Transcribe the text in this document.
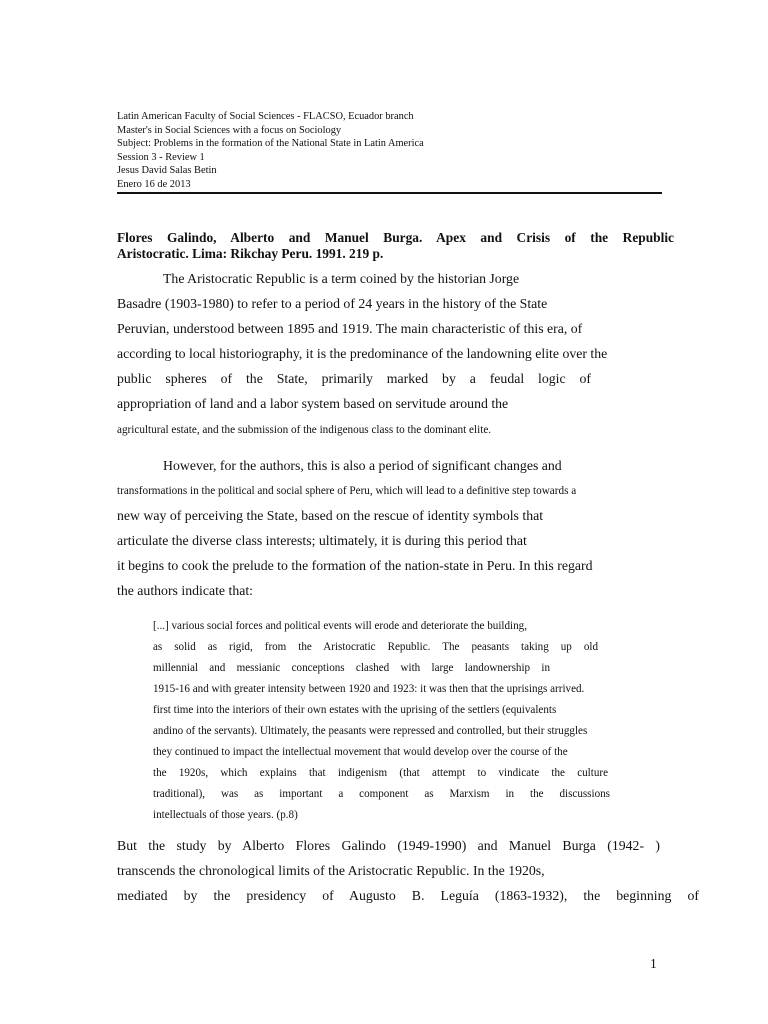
Latin American Faculty of Social Sciences - FLACSO, Ecuador branch
Master's in Social Sciences with a focus on Sociology
Subject: Problems in the formation of the National State in Latin America
Session 3 - Review 1
Jesus David Salas Betin
Enero 16 de 2013
Flores Galindo, Alberto and Manuel Burga. Apex and Crisis of the Republic
Aristocratic. Lima: Rikchay Peru. 1991. 219 p.
The Aristocratic Republic is a term coined by the historian Jorge
Basadre (1903-1980) to refer to a period of 24 years in the history of the State
Peruvian, understood between 1895 and 1919. The main characteristic of this era, of
according to local historiography, it is the predominance of the landowning elite over the
public spheres of the State, primarily marked by a feudal logic of
appropriation of land and a labor system based on servitude around the
agricultural estate, and the submission of the indigenous class to the dominant elite.
However, for the authors, this is also a period of significant changes and
transformations in the political and social sphere of Peru, which will lead to a definitive step towards a
new way of perceiving the State, based on the rescue of identity symbols that
articulate the diverse class interests; ultimately, it is during this period that
it begins to cook the prelude to the formation of the nation-state in Peru. In this regard
the authors indicate that:
[...] various social forces and political events will erode and deteriorate the building,
as solid as rigid, from the Aristocratic Republic. The peasants taking up old
millennial and messianic conceptions clashed with large landownership in
1915-16 and with greater intensity between 1920 and 1923: it was then that the uprisings arrived.
first time into the interiors of their own estates with the uprising of the settlers (equivalents
andino of the servants). Ultimately, the peasants were repressed and controlled, but their struggles
they continued to impact the intellectual movement that would develop over the course of the
the 1920s, which explains that indigenism (that attempt to vindicate the culture
traditional), was as important a component as Marxism in the discussions
intellectuals of those years. (p.8)
But the study by Alberto Flores Galindo (1949-1990) and Manuel Burga (1942- )
transcends the chronological limits of the Aristocratic Republic. In the 1920s,
mediated by the presidency of Augusto B. Leguía (1863-1932), the beginning of
1
